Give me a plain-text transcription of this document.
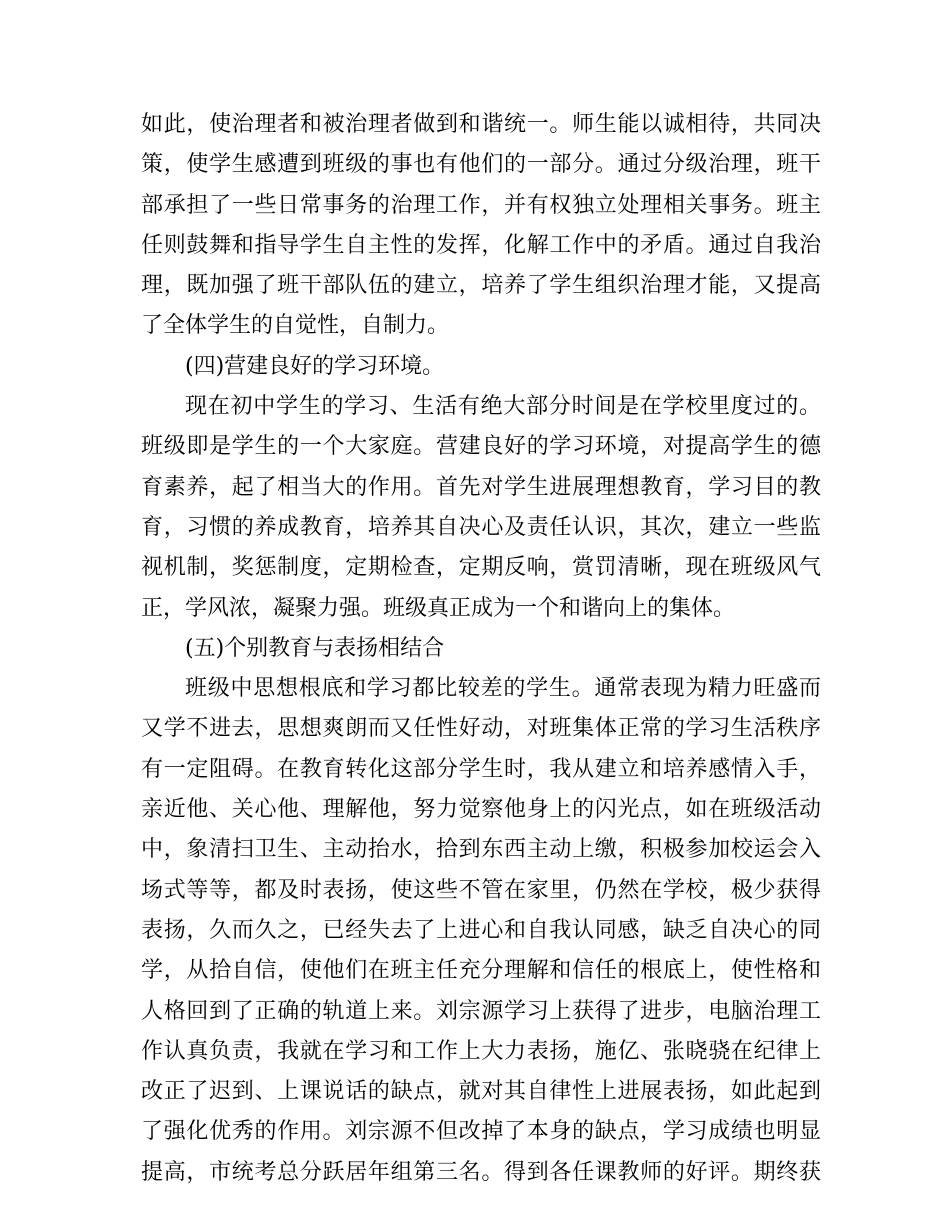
如此，使治理者和被治理者做到和谐统一。师生能以诚相待，共同决
策，使学生感遭到班级的事也有他们的一部分。通过分级治理，班干
部承担了一些日常事务的治理工作，并有权独立处理相关事务。班主
任则鼓舞和指导学生自主性的发挥，化解工作中的矛盾。通过自我治
理，既加强了班干部队伍的建立，培养了学生组织治理才能，又提高
了全体学生的自觉性，自制力。
(四)营建良好的学习环境。
现在初中学生的学习、生活有绝大部分时间是在学校里度过的。
班级即是学生的一个大家庭。营建良好的学习环境，对提高学生的德
育素养，起了相当大的作用。首先对学生进展理想教育，学习目的教
育，习惯的养成教育，培养其自决心及责任认识，其次，建立一些监
视机制，奖惩制度，定期检查，定期反响，赏罚清晰，现在班级风气
正，学风浓，凝聚力强。班级真正成为一个和谐向上的集体。
(五)个别教育与表扬相结合
班级中思想根底和学习都比较差的学生。通常表现为精力旺盛而
又学不进去，思想爽朗而又任性好动，对班集体正常的学习生活秩序
有一定阻碍。在教育转化这部分学生时，我从建立和培养感情入手，
亲近他、关心他、理解他，努力觉察他身上的闪光点，如在班级活动
中，象清扫卫生、主动抬水，拾到东西主动上缴，积极参加校运会入
场式等等，都及时表扬，使这些不管在家里，仍然在学校，极少获得
表扬，久而久之，已经失去了上进心和自我认同感，缺乏自决心的同
学，从拾自信，使他们在班主任充分理解和信任的根底上，使性格和
人格回到了正确的轨道上来。刘宗源学习上获得了进步，电脑治理工
作认真负责，我就在学习和工作上大力表扬，施亿、张晓骁在纪律上
改正了迟到、上课说话的缺点，就对其自律性上进展表扬，如此起到
了强化优秀的作用。刘宗源不但改掉了本身的缺点，学习成绩也明显
提高，市统考总分跃居年组第三名。得到各任课教师的好评。期终获
